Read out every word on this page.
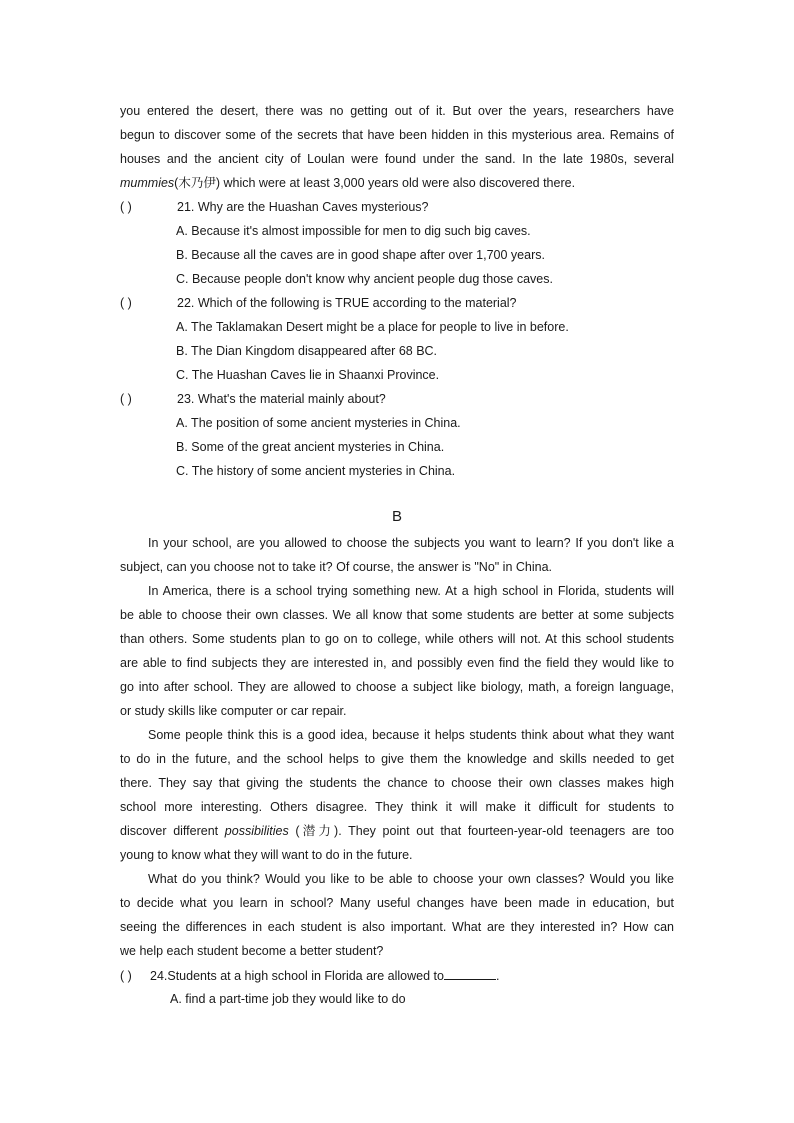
you entered the desert, there was no getting out of it. But over the years, researchers have
begun to discover some of the secrets that have been hidden in this mysterious area. Remains of
houses and the ancient city of Loulan were found under the sand. In the late 1980s, several
mummies(木乃伊) which were at least 3,000 years old were also discovered there.
( )	21. Why are the Huashan Caves mysterious?
A. Because it's almost impossible for men to dig such big caves.
B. Because all the caves are in good shape after over 1,700 years.
C. Because people don't know why ancient people dug those caves.
( )	22. Which of the following is TRUE according to the material?
A. The Taklamakan Desert might be a place for people to live in before.
B. The Dian Kingdom disappeared after 68 BC.
C. The Huashan Caves lie in Shaanxi Province.
( )	23. What's the material mainly about?
A. The position of some ancient mysteries in China.
B. Some of the great ancient mysteries in China.
C. The history of some ancient mysteries in China.
B
In your school, are you allowed to choose the subjects you want to learn? If you don't like a
subject, can you choose not to take it? Of course, the answer is "No" in China.
In America, there is a school trying something new. At a high school in Florida, students will
be able to choose their own classes. We all know that some students are better at some subjects
than others. Some students plan to go on to college, while others will not. At this school students
are able to find subjects they are interested in, and possibly even find the field they would like to
go into after school. They are allowed to choose a subject like biology, math, a foreign language,
or study skills like computer or car repair.
Some people think this is a good idea, because it helps students think about what they want
to do in the future, and the school helps to give them the knowledge and skills needed to get
there. They say that giving the students the chance to choose their own classes makes high
school more interesting. Others disagree. They think it will make it difficult for students to
discover different possibilities (潜力). They point out that fourteen-year-old teenagers are too
young to know what they will want to do in the future.
What do you think? Would you like to be able to choose your own classes? Would you like
to decide what you learn in school? Many useful changes have been made in education, but
seeing the differences in each student is also important. What are they interested in? How can
we help each student become a better student?
( ) 24.Students at a high school in Florida are allowed to	.
A. find a part-time job they would like to do
